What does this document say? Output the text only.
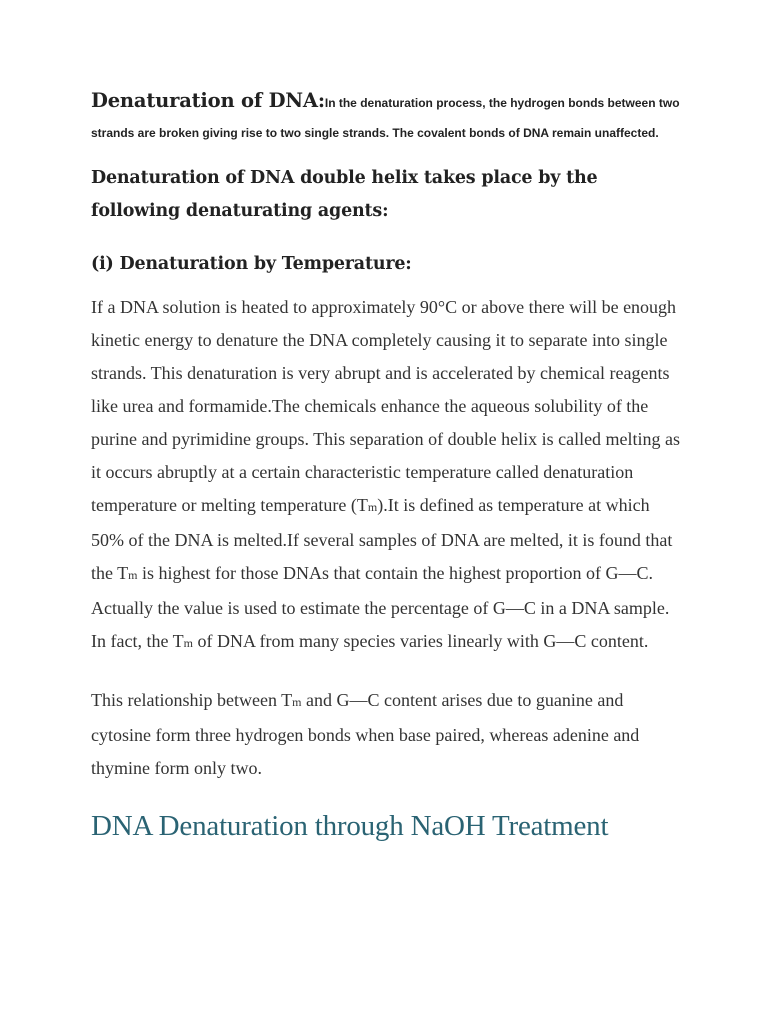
Denaturation of DNA:In the denaturation process, the hydrogen bonds between two strands are broken giving rise to two single strands. The covalent bonds of DNA remain unaffected.

Denaturation of DNA double helix takes place by the following denaturating agents:
(i) Denaturation by Temperature:

If a DNA solution is heated to approximately 90°C or above there will be enough kinetic energy to denature the DNA completely causing it to separate into single strands. This denaturation is very abrupt and is accelerated by chemical reagents like urea and formamide.The chemicals enhance the aqueous solubility of the purine and pyrimidine groups. This separation of double helix is called melting as it occurs abruptly at a certain characteristic temperature called denaturation temperature or melting temperature (Tm).It is defined as temperature at which 50% of the DNA is melted.If several samples of DNA are melted, it is found that the Tm is highest for those DNAs that contain the highest proportion of G—C. Actually the value is used to estimate the percentage of G—C in a DNA sample. In fact, the Tm of DNA from many species varies linearly with G—C content.

This relationship between Tm and G—C content arises due to guanine and cytosine form three hydrogen bonds when base paired, whereas adenine and thymine form only two.

DNA Denaturation through NaOH Treatment
